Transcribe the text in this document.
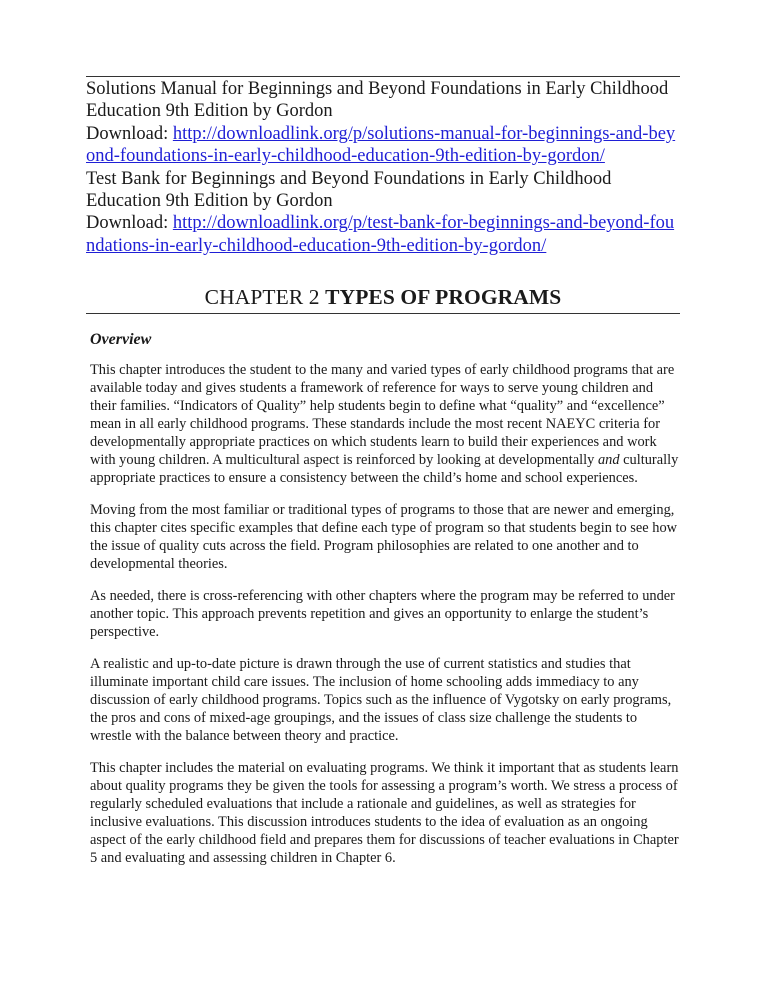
Solutions Manual for Beginnings and Beyond Foundations in Early Childhood Education 9th Edition by Gordon

Download: http://downloadlink.org/p/solutions-manual-for-beginnings-and-beyond-foundations-in-early-childhood-education-9th-edition-by-gordon/

Test Bank for Beginnings and Beyond Foundations in Early Childhood Education 9th Edition by Gordon

Download: http://downloadlink.org/p/test-bank-for-beginnings-and-beyond-foundations-in-early-childhood-education-9th-edition-by-gordon/

CHAPTER 2 TYPES OF PROGRAMS
Overview

This chapter introduces the student to the many and varied types of early childhood programs that are available today and gives students a framework of reference for ways to serve young children and their families. “Indicators of Quality” help students begin to define what “quality” and “excellence” mean in all early childhood programs. These standards include the most recent NAEYC criteria for developmentally appropriate practices on which students learn to build their experiences and work with young children. A multicultural aspect is reinforced by looking at developmentally and culturally appropriate practices to ensure a consistency between the child’s home and school experiences.

Moving from the most familiar or traditional types of programs to those that are newer and emerging, this chapter cites specific examples that define each type of program so that students begin to see how the issue of quality cuts across the field. Program philosophies are related to one another and to developmental theories.

As needed, there is cross-referencing with other chapters where the program may be referred to under another topic. This approach prevents repetition and gives an opportunity to enlarge the student’s perspective.

A realistic and up-to-date picture is drawn through the use of current statistics and studies that illuminate important child care issues. The inclusion of home schooling adds immediacy to any discussion of early childhood programs. Topics such as the influence of Vygotsky on early programs, the pros and cons of mixed-age groupings, and the issues of class size challenge the students to wrestle with the balance between theory and practice.

This chapter includes the material on evaluating programs. We think it important that as students learn about quality programs they be given the tools for assessing a program’s worth. We stress a process of regularly scheduled evaluations that include a rationale and guidelines, as well as strategies for inclusive evaluations. This discussion introduces students to the idea of evaluation as an ongoing aspect of the early childhood field and prepares them for discussions of teacher evaluations in Chapter 5 and evaluating and assessing children in Chapter 6.
